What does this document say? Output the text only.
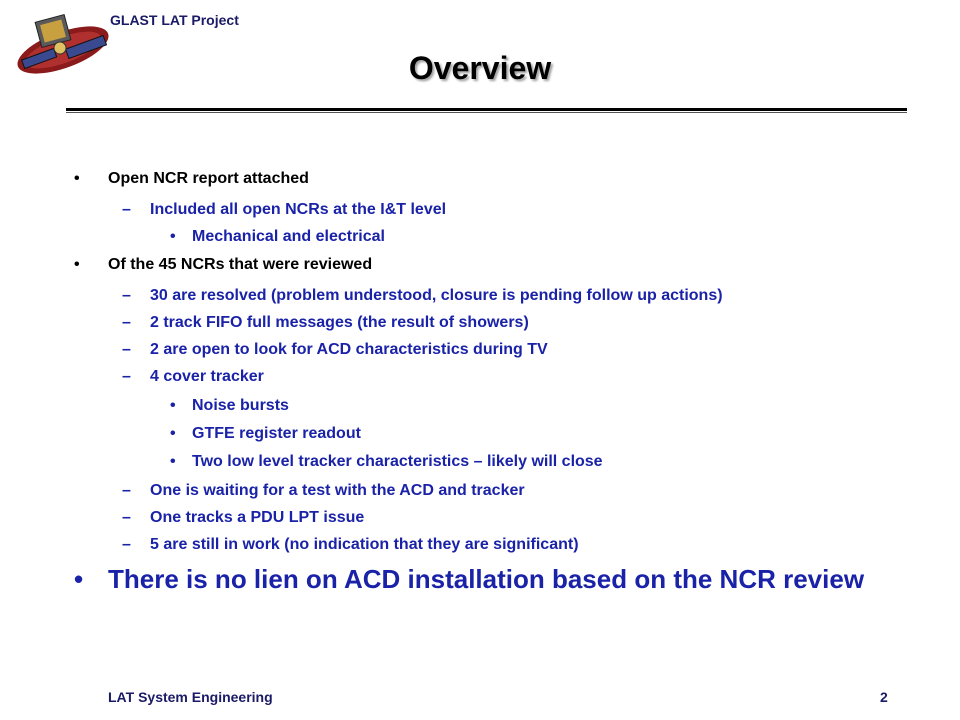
GLAST LAT Project
Overview
• Open NCR report attached
– Included all open NCRs at the I&T level
• Mechanical and electrical
• Of the 45 NCRs that were reviewed
– 30 are resolved (problem understood, closure is pending follow up actions)
– 2 track FIFO full messages (the result of showers)
– 2 are open to look for ACD characteristics during TV
– 4 cover tracker
• Noise bursts
• GTFE register readout
• Two low level tracker characteristics – likely will close
– One is waiting for a test with the ACD and tracker
– One tracks a PDU LPT issue
– 5 are still in work (no indication that they are significant)
• There is no lien on ACD installation based on the NCR review
LAT System Engineering	2
